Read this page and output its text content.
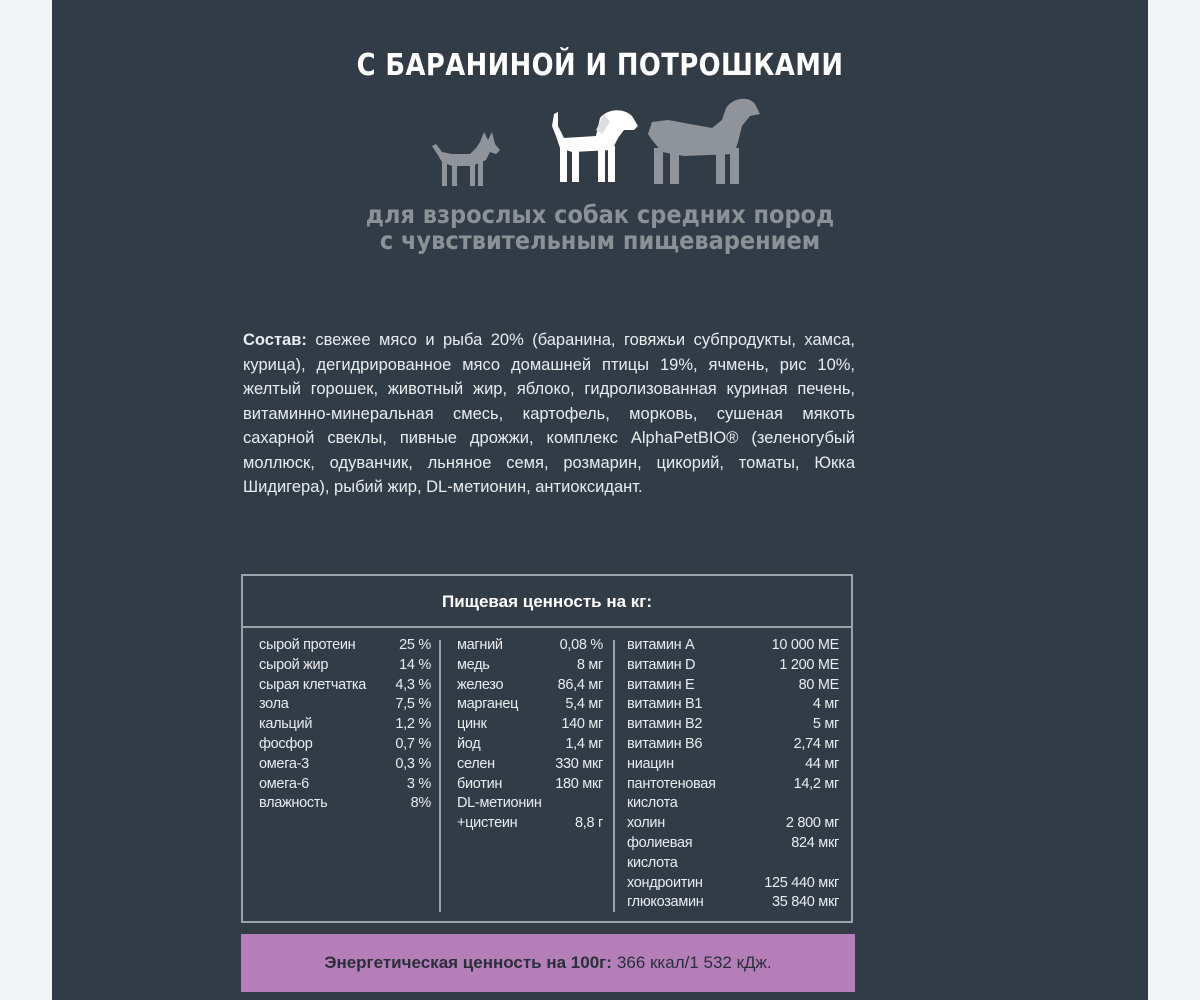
С БАРАНИНОЙ И ПОТРОШКАМИ
для взрослых собак средних пород
с чувствительным пищеварением
Состав: свежее мясо и рыба 20% (баранина, говяжьи субпродукты, хамса, курица), дегидрированное мясо домашней птицы 19%, ячмень, рис 10%, желтый горошек, животный жир, яблоко, гидролизованная куриная печень, витаминно-минеральная смесь, картофель, морковь, сушеная мякоть сахарной свеклы, пивные дрожжи, комплекс AlphaPetBIO® (зеленогубый моллюск, одуванчик, льняное семя, розмарин, цикорий, томаты, Юкка Шидигера), рыбий жир, DL-метионин, антиоксидант.
Пищевая ценность на кг:
сырой протеин	25 %
сырой жир	14 %
сырая клетчатка 4,3 %
зола	7,5 %
кальций	1,2 %
фосфор	0,7 %
омега-3	0,3 %
омега-6	3 %
влажность	8%
магний	0,08 %
медь	8 мг
железо	86,4 мг
марганец	5,4 мг
цинк	140 мг
йод	1,4 мг
селен	330 мкг
биотин	180 мкг
DL-метионин
+цистеин	8,8 г
витамин А	10 000 МЕ
витамин D	1 200 МЕ
витамин Е	80 МЕ
витамин В1	4 мг
витамин В2	5 мг
витамин В6	2,74 мг
ниацин	44 мг
пантотеновая	14,2 мг
кислота
холин	2 800 мг
фолиевая	824 мкг
кислота
хондроитин	125 440 мкг
глюкозамин	35 840 мкг
Энергетическая ценность на 100г: 366 ккал/1 532 кДж.
